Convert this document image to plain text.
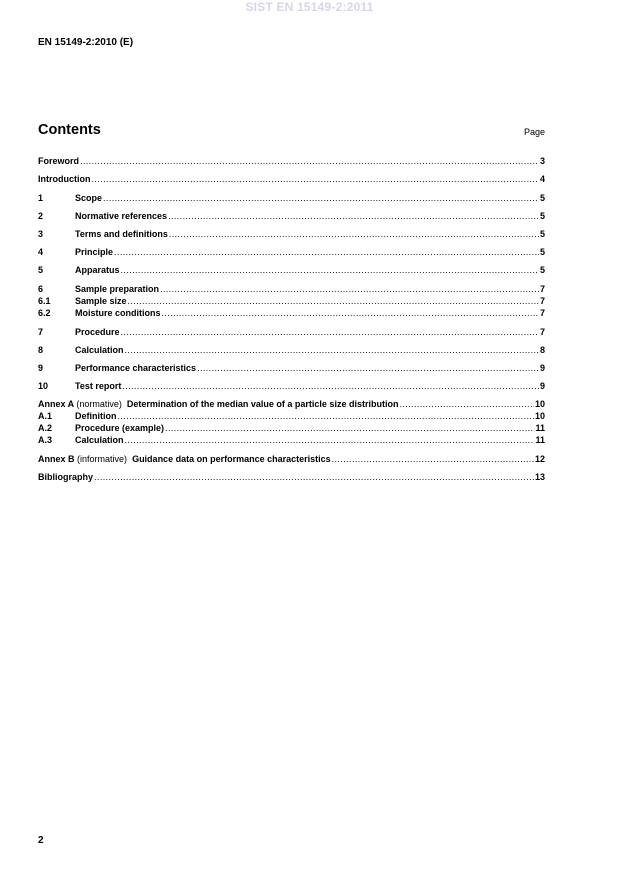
SIST EN 15149-2:2011
EN 15149-2:2010 (E)
Contents	Page
Foreword .....	3
Introduction .....	4
1	Scope .....	5
2	Normative references .....	5
3	Terms and definitions .....	5
4	Principle .....	5
5	Apparatus .....	5
6	Sample preparation .....	7
6.1	Sample size .....	7
6.2	Moisture conditions .....	7
7	Procedure .....	7
8	Calculation .....	8
9	Performance characteristics .....	9
10	Test report .....	9
Annex A (normative) Determination of the median value of a particle size distribution .....	10
A.1	Definition .....	10
A.2	Procedure (example) .....	11
A.3	Calculation .....	11
Annex B (informative) Guidance data on performance characteristics .....	12
Bibliography .....	13
2
